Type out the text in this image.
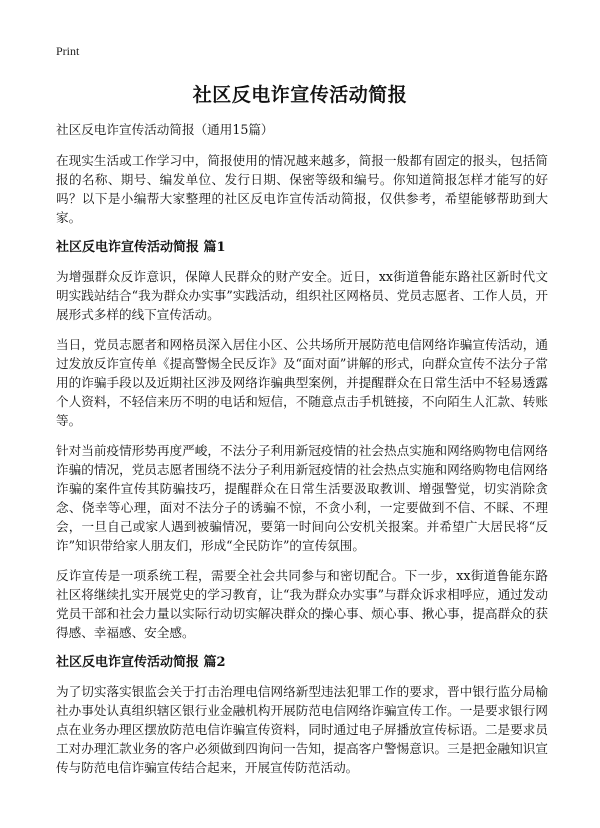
Print
社区反电诈宣传活动简报

社区反电诈宣传活动简报（通用15篇）

在现实生活或工作学习中，简报使用的情况越来越多，简报一般都有固定的报头，包括简报的名称、期号、编发单位、发行日期、保密等级和编号。你知道简报怎样才能写的好吗？以下是小编帮大家整理的社区反电诈宣传活动简报，仅供参考，希望能够帮助到大家。

社区反电诈宣传活动简报 篇1

为增强群众反诈意识，保障人民群众的财产安全。近日，xx街道鲁能东路社区新时代文明实践站结合“我为群众办实事”实践活动，组织社区网格员、党员志愿者、工作人员，开展形式多样的线下宣传活动。

当日，党员志愿者和网格员深入居住小区、公共场所开展防范电信网络诈骗宣传活动，通过发放反诈宣传单《提高警惕全民反诈》及“面对面”讲解的形式，向群众宣传不法分子常用的诈骗手段以及近期社区涉及网络诈骗典型案例，并提醒群众在日常生活中不轻易透露个人资料，不轻信来历不明的电话和短信，不随意点击手机链接，不向陌生人汇款、转账等。

针对当前疫情形势再度严峻，不法分子利用新冠疫情的社会热点实施和网络购物电信网络诈骗的情况，党员志愿者围绕不法分子利用新冠疫情的社会热点实施和网络购物电信网络诈骗的案件宣传其防骗技巧，提醒群众在日常生活要汲取教训、增强警觉，切实消除贪念、侥幸等心理，面对不法分子的诱骗不惊，不贪小利，一定要做到不信、不睬、不理会，一旦自己或家人遇到被骗情况，要第一时间向公安机关报案。并希望广大居民将“反诈”知识带给家人朋友们，形成“全民防诈”的宣传氛围。

反诈宣传是一项系统工程，需要全社会共同参与和密切配合。下一步，xx街道鲁能东路社区将继续扎实开展党史的学习教育，让“我为群众办实事”与群众诉求相呼应，通过发动党员干部和社会力量以实际行动切实解决群众的操心事、烦心事、揪心事，提高群众的获得感、幸福感、安全感。

社区反电诈宣传活动简报 篇2

为了切实落实银监会关于打击治理电信网络新型违法犯罪工作的要求，晋中银行监分局榆社办事处认真组织辖区银行业金融机构开展防范电信网络诈骗宣传工作。一是要求银行网点在业务办理区摆放防范电信诈骗宣传资料，同时通过电子屏播放宣传标语。二是要求员工对办理汇款业务的客户必须做到四询问一告知，提高客户警惕意识。三是把金融知识宣传与防范电信诈骗宣传结合起来，开展宣传防范活动。
